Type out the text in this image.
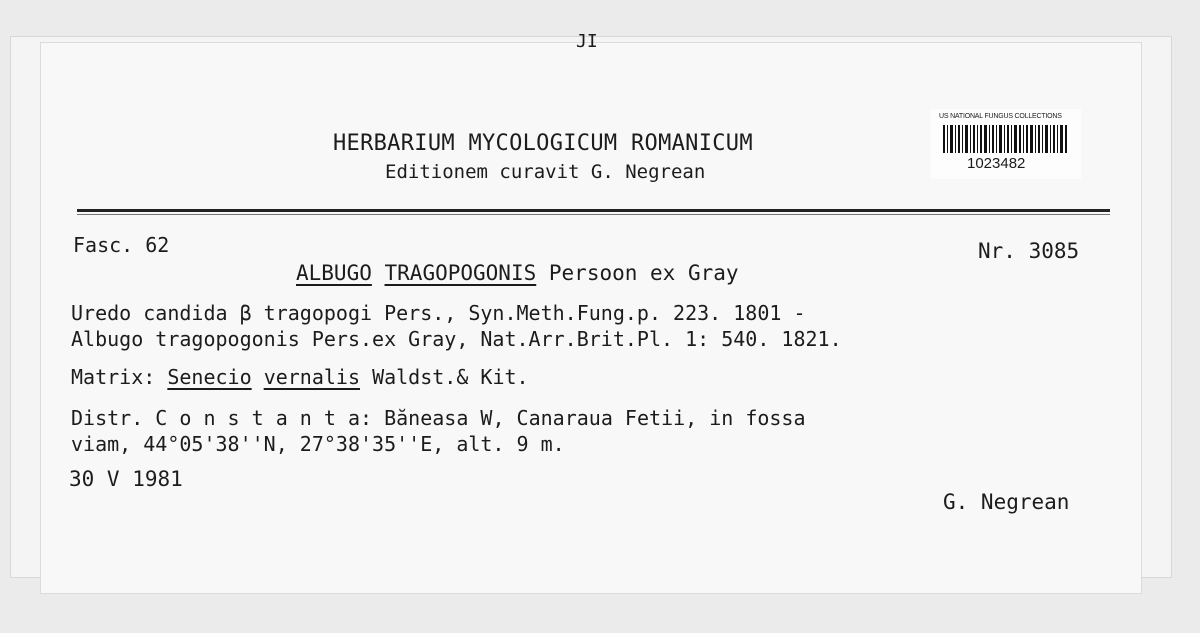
JI
HERBARIUM MYCOLOGICUM ROMANICUM
Editionem curavit G. Negrean
US NATIONAL FUNGUS COLLECTIONS
1023482
Fasc. 62	Nr. 3085
ALBUGO TRAGOPOGONIS Persoon ex Gray
Uredo candida β tragopogi Pers., Syn.Meth.Fung.p. 223. 1801 -
Albugo tragopogonis Pers.ex Gray, Nat.Arr.Brit.Pl. 1: 540. 1821.
Matrix: Senecio vernalis Waldst.& Kit.
Distr. C o n s t a n t a: Băneasa W, Canaraua Fetii, in fossa
viam, 44°05'38''N, 27°38'35''E, alt. 9 m.
30 V 1981
G. Negrean
